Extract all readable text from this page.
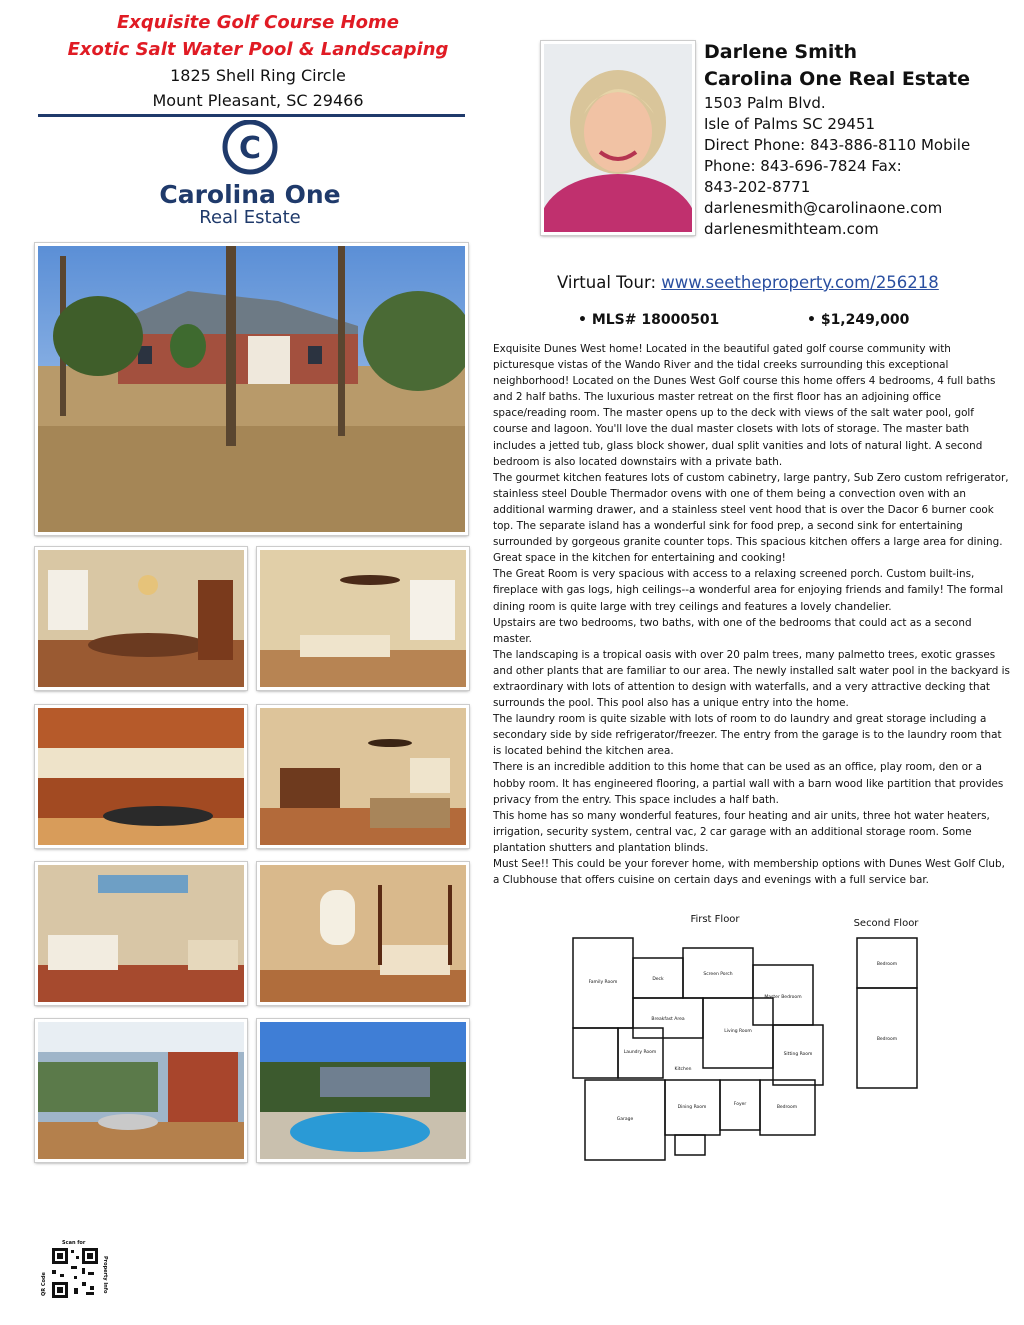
Exquisite Golf Course Home
Exotic Salt Water Pool & Landscaping
1825 Shell Ring Circle
Mount Pleasant, SC 29466
C
Carolina One
Real Estate
Darlene Smith
Carolina One Real Estate
1503 Palm Blvd.
Isle of Palms SC 29451
Direct Phone: 843-886-8110 Mobile
Phone: 843-696-7824 Fax:
843-202-8771
darlenesmith@carolinaone.com
darlenesmithteam.com
Virtual Tour: www.seetheproperty.com/256218
• MLS# 18000501	• $1,249,000

Exquisite Dunes West home! Located in the beautiful gated golf course community with picturesque vistas of the Wando River and the tidal creeks surrounding this exceptional neighborhood! Located on the Dunes West Golf course this home offers 4 bedrooms, 4 full baths and 2 half baths. The luxurious master retreat on the first floor has an adjoining office space/reading room. The master opens up to the deck with views of the salt water pool, golf course and lagoon. You'll love the dual master closets with lots of storage. The master bath includes a jetted tub, glass block shower, dual split vanities and lots of natural light. A second bedroom is also located downstairs with a private bath.

The gourmet kitchen features lots of custom cabinetry, large pantry, Sub Zero custom refrigerator, stainless steel Double Thermador ovens with one of them being a convection oven with an additional warming drawer, and a stainless steel vent hood that is over the Dacor 6 burner cook top. The separate island has a wonderful sink for food prep, a second sink for entertaining surrounded by gorgeous granite counter tops. This spacious kitchen offers a large area for dining. Great space in the kitchen for entertaining and cooking!

The Great Room is very spacious with access to a relaxing screened porch. Custom built-ins, fireplace with gas logs, high ceilings--a wonderful area for enjoying friends and family! The formal dining room is quite large with trey ceilings and features a lovely chandelier.

Upstairs are two bedrooms, two baths, with one of the bedrooms that could act as a second master.

The landscaping is a tropical oasis with over 20 palm trees, many palmetto trees, exotic grasses and other plants that are familiar to our area. The newly installed salt water pool in the backyard is extraordinary with lots of attention to design with waterfalls, and a very attractive decking that surrounds the pool. This pool also has a unique entry into the home.

The laundry room is quite sizable with lots of room to do laundry and great storage including a secondary side by side refrigerator/freezer. The entry from the garage is to the laundry room that is located behind the kitchen area.

There is an incredible addition to this home that can be used as an office, play room, den or a hobby room. It has engineered flooring, a partial wall with a barn wood like partition that provides privacy from the entry. This space includes a half bath.

This home has so many wonderful features, four heating and air units, three hot water heaters, irrigation, security system, central vac, 2 car garage with an additional storage room. Some plantation shutters and plantation blinds.

Must See!! This could be your forever home, with membership options with Dunes West Golf Club, a Clubhouse that offers cuisine on certain days and evenings with a full service bar.

First Floor	Second Floor
Family Room
Deck
Screen Porch
Breakfast Area
Living Room
Master Bedroom
Kitchen
Laundry Room
Garage
Dining Room
Foyer
Bedroom
Sitting Room
Bedroom
Bedroom
QR Code
Scan for
Property Info
